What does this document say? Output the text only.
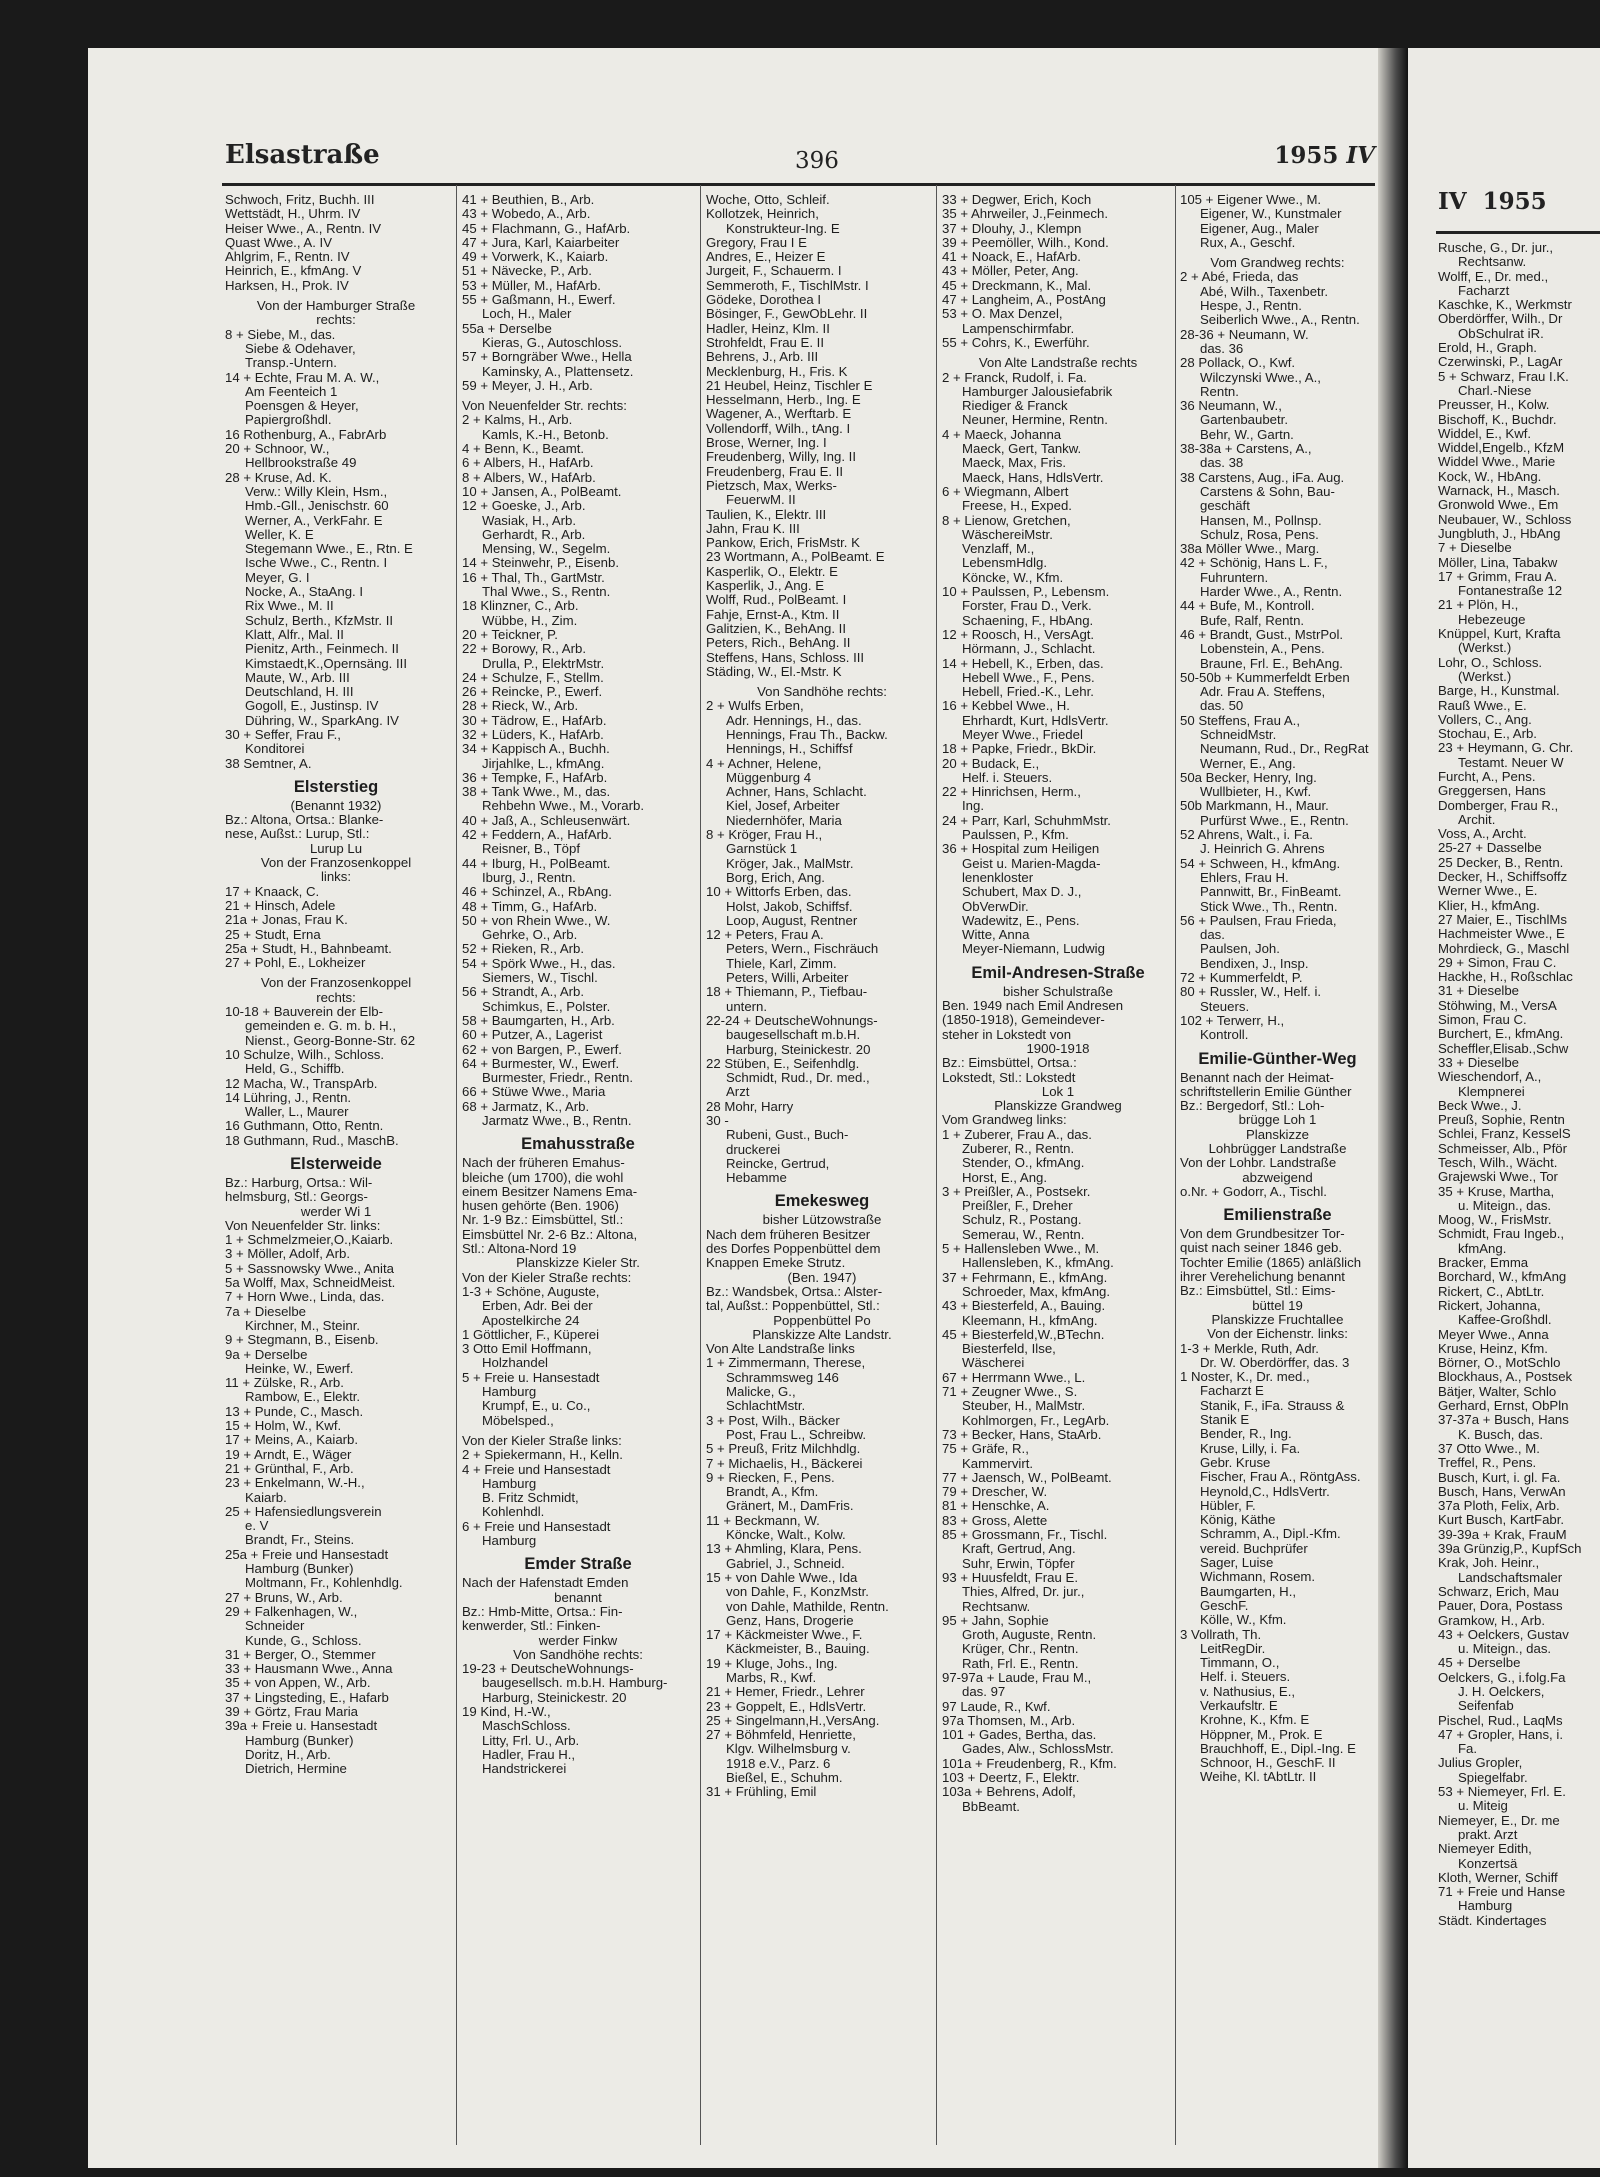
IV 1955
Rusche, G., Dr. jur.,
Rechtsanw.
Wolff, E., Dr. med.,
Facharzt
Kaschke, K., Werkmstr
Oberdörffer, Wilh., Dr
ObSchulrat iR.
Erold, H., Graph.
Czerwinski, P., LagAr
5 + Schwarz, Frau I.K.
Charl.-Niese
Preusser, H., Kolw.
Bischoff, K., Buchdr.
Widdel, E., Kwf.
Widdel,Engelb., KfzM
Widdel Wwe., Marie
Kock, W., HbAng.
Warnack, H., Masch.
Gronwold Wwe., Em
Neubauer, W., Schloss
Jungbluth, J., HbAng
7 + Dieselbe
Möller, Lina, Tabakw
17 + Grimm, Frau A.
Fontanestraße 12
21 + Plön, H.,
Hebezeuge
Knüppel, Kurt, Krafta
(Werkst.)
Lohr, O., Schloss.
(Werkst.)
Barge, H., Kunstmal.
Rauß Wwe., E.
Vollers, C., Ang.
Stochau, E., Arb.
23 + Heymann, G. Chr.
Testamt. Neuer W
Furcht, A., Pens.
Greggersen, Hans
Domberger, Frau R.,
Archit.
Voss, A., Archt.
25-27 + Dasselbe
25 Decker, B., Rentn.
Decker, H., Schiffsoffz
Werner Wwe., E.
Klier, H., kfmAng.
27 Maier, E., TischlMs
Hachmeister Wwe., E
Mohrdieck, G., Maschl
29 + Simon, Frau C.
Hackhe, H., Roßschlac
31 + Dieselbe
Stöhwing, M., VersA
Simon, Frau C.
Burchert, E., kfmAng.
Scheffler,Elisab.,Schw
33 + Dieselbe
Wieschendorf, A.,
Klempnerei
Beck Wwe., J.
Preuß, Sophie, Rentn
Schlei, Franz, KesselS
Schmeisser, Alb., Pför
Tesch, Wilh., Wächt.
Grajewski Wwe., Tor
35 + Kruse, Martha,
u. Miteign., das.
Moog, W., FrisMstr.
Schmidt, Frau Ingeb.,
kfmAng.
Bracker, Emma
Borchard, W., kfmAng
Rickert, C., AbtLtr.
Rickert, Johanna,
Kaffee-Großhdl.
Meyer Wwe., Anna
Kruse, Heinz, Kfm.
Börner, O., MotSchlo
Blockhaus, A., Postsek
Bätjer, Walter, Schlo
Gerhard, Ernst, ObPln
37-37a + Busch, Hans
K. Busch, das.
37 Otto Wwe., M.
Treffel, R., Pens.
Busch, Kurt, i. gl. Fa.
Busch, Hans, VerwAn
37a Ploth, Felix, Arb.
Kurt Busch, KartFabr.
39-39a + Krak, FrauM
39a Grünzig,P., KupfSch
Krak, Joh. Heinr.,
Landschaftsmaler
Schwarz, Erich, Mau
Pauer, Dora, Postass
Gramkow, H., Arb.
43 + Oelckers, Gustav
u. Miteign., das.
45 + Derselbe
Oelckers, G., i.folg.Fa
J. H. Oelckers,
Seifenfab
Pischel, Rud., LaqMs
47 + Gropler, Hans, i.
Fa.
Julius Gropler,
Spiegelfabr.
53 + Niemeyer, Frl. E.
u. Miteig
Niemeyer, E., Dr. me
prakt. Arzt
Niemeyer Edith,
Konzertsä
Kloth, Werner, Schiff
71 + Freie und Hanse
Hamburg
Städt. Kindertages
Elsastraße	396	1955 IV
Schwoch, Fritz, Buchh. III
Wettstädt, H., Uhrm. IV
Heiser Wwe., A., Rentn. IV
Quast Wwe., A. IV
Ahlgrim, F., Rentn. IV
Heinrich, E., kfmAng. V
Harksen, H., Prok. IV
Von der Hamburger Straße
rechts:
8 + Siebe, M., das.
Siebe & Odehaver,
Transp.-Untern.
14 + Echte, Frau M. A. W.,
Am Feenteich 1
Poensgen & Heyer,
Papiergroßhdl.
16 Rothenburg, A., FabrArb
20 + Schnoor, W.,
Hellbrookstraße 49
28 + Kruse, Ad. K.
Verw.: Willy Klein, Hsm.,
Hmb.-Gll., Jenischstr. 60
Werner, A., VerkFahr. E
Weller, K. E
Stegemann Wwe., E., Rtn. E
Ische Wwe., C., Rentn. I
Meyer, G. I
Nocke, A., StaAng. I
Rix Wwe., M. II
Schulz, Berth., KfzMstr. II
Klatt, Alfr., Mal. II
Pienitz, Arth., Feinmech. II
Kimstaedt,K.,Opernsäng. III
Maute, W., Arb. III
Deutschland, H. III
Gogoll, E., Justinsp. IV
Dühring, W., SparkAng. IV
30 + Seffer, Frau F.,
Konditorei
38 Semtner, A.
Elsterstieg
(Benannt 1932)
Bz.: Altona, Ortsa.: Blanke-
nese, Außst.: Lurup, Stl.:
Lurup Lu
Von der Franzosenkoppel
links:
17 + Knaack, C.
21 + Hinsch, Adele
21a + Jonas, Frau K.
25 + Studt, Erna
25a + Studt, H., Bahnbeamt.
27 + Pohl, E., Lokheizer
Von der Franzosenkoppel
rechts:
10-18 + Bauverein der Elb-
gemeinden e. G. m. b. H.,
Nienst., Georg-Bonne-Str. 62
10 Schulze, Wilh., Schloss.
Held, G., Schiffb.
12 Macha, W., TranspArb.
14 Lühring, J., Rentn.
Waller, L., Maurer
16 Guthmann, Otto, Rentn.
18 Guthmann, Rud., MaschB.
Elsterweide
Bz.: Harburg, Ortsa.: Wil-
helmsburg, Stl.: Georgs-
werder Wi 1
Von Neuenfelder Str. links:
1 + Schmelzmeier,O.,Kaiarb.
3 + Möller, Adolf, Arb.
5 + Sassnowsky Wwe., Anita
5a Wolff, Max, SchneidMeist.
7 + Horn Wwe., Linda, das.
7a + Dieselbe
Kirchner, M., Steinr.
9 + Stegmann, B., Eisenb.
9a + Derselbe
Heinke, W., Ewerf.
11 + Zülske, R., Arb.
Rambow, E., Elektr.
13 + Punde, C., Masch.
15 + Holm, W., Kwf.
17 + Meins, A., Kaiarb.
19 + Arndt, E., Wäger
21 + Grünthal, F., Arb.
23 + Enkelmann, W.-H.,
Kaiarb.
25 + Hafensiedlungsverein
e. V
Brandt, Fr., Steins.
25a + Freie und Hansestadt
Hamburg (Bunker)
Moltmann, Fr., Kohlenhdlg.
27 + Bruns, W., Arb.
29 + Falkenhagen, W.,
Schneider
Kunde, G., Schloss.
31 + Berger, O., Stemmer
33 + Hausmann Wwe., Anna
35 + von Appen, W., Arb.
37 + Lingsteding, E., Hafarb
39 + Görtz, Frau Maria
39a + Freie u. Hansestadt
Hamburg (Bunker)
Doritz, H., Arb.
Dietrich, Hermine
41 + Beuthien, B., Arb.
43 + Wobedo, A., Arb.
45 + Flachmann, G., HafArb.
47 + Jura, Karl, Kaiarbeiter
49 + Vorwerk, K., Kaiarb.
51 + Nävecke, P., Arb.
53 + Müller, M., HafArb.
55 + Gaßmann, H., Ewerf.
Loch, H., Maler
55a + Derselbe
Kieras, G., Autoschloss.
57 + Borngräber Wwe., Hella
Kaminsky, A., Plattensetz.
59 + Meyer, J. H., Arb.
Von Neuenfelder Str. rechts:
2 + Kalms, H., Arb.
Kamls, K.-H., Betonb.
4 + Benn, K., Beamt.
6 + Albers, H., HafArb.
8 + Albers, W., HafArb.
10 + Jansen, A., PolBeamt.
12 + Goeske, J., Arb.
Wasiak, H., Arb.
Gerhardt, R., Arb.
Mensing, W., Segelm.
14 + Steinwehr, P., Eisenb.
16 + Thal, Th., GartMstr.
Thal Wwe., S., Rentn.
18 Klinzner, C., Arb.
Wübbe, H., Zim.
20 + Teickner, P.
22 + Borowy, R., Arb.
Drulla, P., ElektrMstr.
24 + Schulze, F., Stellm.
26 + Reincke, P., Ewerf.
28 + Rieck, W., Arb.
30 + Tädrow, E., HafArb.
32 + Lüders, K., HafArb.
34 + Kappisch A., Buchh.
Jirjahlke, L., kfmAng.
36 + Tempke, F., HafArb.
38 + Tank Wwe., M., das.
Rehbehn Wwe., M., Vorarb.
40 + Jaß, A., Schleusenwärt.
42 + Feddern, A., HafArb.
Reisner, B., Töpf
44 + Iburg, H., PolBeamt.
Iburg, J., Rentn.
46 + Schinzel, A., RbAng.
48 + Timm, G., HafArb.
50 + von Rhein Wwe., W.
Gehrke, O., Arb.
52 + Rieken, R., Arb.
54 + Spörk Wwe., H., das.
Siemers, W., Tischl.
56 + Strandt, A., Arb.
Schimkus, E., Polster.
58 + Baumgarten, H., Arb.
60 + Putzer, A., Lagerist
62 + von Bargen, P., Ewerf.
64 + Burmester, W., Ewerf.
Burmester, Friedr., Rentn.
66 + Stüwe Wwe., Maria
68 + Jarmatz, K., Arb.
Jarmatz Wwe., B., Rentn.
Emahusstraße
Nach der früheren Emahus-
bleiche (um 1700), die wohl
einem Besitzer Namens Ema-
husen gehörte (Ben. 1906)
Nr. 1-9 Bz.: Eimsbüttel, Stl.:
Eimsbüttel Nr. 2-6 Bz.: Altona,
Stl.: Altona-Nord 19
Planskizze Kieler Str.
Von der Kieler Straße rechts:
1-3 + Schöne, Auguste,
Erben, Adr. Bei der
Apostelkirche 24
1 Göttlicher, F., Küperei
3 Otto Emil Hoffmann,
Holzhandel
5 + Freie u. Hansestadt
Hamburg
Krumpf, E., u. Co.,
Möbelsped.,
Von der Kieler Straße links:
2 + Spiekermann, H., Kelln.
4 + Freie und Hansestadt
Hamburg
B. Fritz Schmidt,
Kohlenhdl.
6 + Freie und Hansestadt
Hamburg
Emder Straße
Nach der Hafenstadt Emden
benannt
Bz.: Hmb-Mitte, Ortsa.: Fin-
kenwerder, Stl.: Finken-
werder Finkw
Von Sandhöhe rechts:
19-23 + DeutscheWohnungs-
baugesellsch. m.b.H. Hamburg-
Harburg, Steinickestr. 20
19 Kind, H.-W.,
MaschSchloss.
Litty, Frl. U., Arb.
Hadler, Frau H.,
Handstrickerei
Woche, Otto, Schleif.
Kollotzek, Heinrich,
Konstrukteur-Ing. E
Gregory, Frau I E
Andres, E., Heizer E
Jurgeit, F., Schauerm. I
Semmeroth, F., TischlMstr. I
Gödeke, Dorothea I
Bösinger, F., GewObLehr. II
Hadler, Heinz, Klm. II
Strohfeldt, Frau E. II
Behrens, J., Arb. III
Mecklenburg, H., Fris. K
21 Heubel, Heinz, Tischler E
Hesselmann, Herb., Ing. E
Wagener, A., Werftarb. E
Vollendorff, Wilh., tAng. I
Brose, Werner, Ing. I
Freudenberg, Willy, Ing. II
Freudenberg, Frau E. II
Pietzsch, Max, Werks-
FeuerwM. II
Taulien, K., Elektr. III
Jahn, Frau K. III
Pankow, Erich, FrisMstr. K
23 Wortmann, A., PolBeamt. E
Kasperlik, O., Elektr. E
Kasperlik, J., Ang. E
Wolff, Rud., PolBeamt. I
Fahje, Ernst-A., Ktm. II
Galitzien, K., BehAng. II
Peters, Rich., BehAng. II
Steffens, Hans, Schloss. III
Städing, W., El.-Mstr. K
Von Sandhöhe rechts:
2 + Wulfs Erben,
Adr. Hennings, H., das.
Hennings, Frau Th., Backw.
Hennings, H., Schiffsf
4 + Achner, Helene,
Müggenburg 4
Achner, Hans, Schlacht.
Kiel, Josef, Arbeiter
Niedernhöfer, Maria
8 + Kröger, Frau H.,
Garnstück 1
Kröger, Jak., MalMstr.
Borg, Erich, Ang.
10 + Wittorfs Erben, das.
Holst, Jakob, Schiffsf.
Loop, August, Rentner
12 + Peters, Frau A.
Peters, Wern., Fischräuch
Thiele, Karl, Zimm.
Peters, Willi, Arbeiter
18 + Thiemann, P., Tiefbau-
untern.
22-24 + DeutscheWohnungs-
baugesellschaft m.b.H.
Harburg, Steinickestr. 20
22 Stüben, E., Seifenhdlg.
Schmidt, Rud., Dr. med.,
Arzt
28 Mohr, Harry
30 -
Rubeni, Gust., Buch-
druckerei
Reincke, Gertrud,
Hebamme
Emekesweg
bisher Lützowstraße
Nach dem früheren Besitzer
des Dorfes Poppenbüttel dem
Knappen Emeke Strutz.
(Ben. 1947)
Bz.: Wandsbek, Ortsa.: Alster-
tal, Außst.: Poppenbüttel, Stl.:
Poppenbüttel Po
Planskizze Alte Landstr.
Von Alte Landstraße links
1 + Zimmermann, Therese,
Schrammsweg 146
Malicke, G.,
SchlachtMstr.
3 + Post, Wilh., Bäcker
Post, Frau L., Schreibw.
5 + Preuß, Fritz Milchhdlg.
7 + Michaelis, H., Bäckerei
9 + Riecken, F., Pens.
Brandt, A., Kfm.
Gränert, M., DamFris.
11 + Beckmann, W.
Köncke, Walt., Kolw.
13 + Ahmling, Klara, Pens.
Gabriel, J., Schneid.
15 + von Dahle Wwe., Ida
von Dahle, F., KonzMstr.
von Dahle, Mathilde, Rentn.
Genz, Hans, Drogerie
17 + Käckmeister Wwe., F.
Käckmeister, B., Bauing.
19 + Kluge, Johs., Ing.
Marbs, R., Kwf.
21 + Hemer, Friedr., Lehrer
23 + Goppelt, E., HdlsVertr.
25 + Singelmann,H.,VersAng.
27 + Böhmfeld, Henriette,
Klgv. Wilhelmsburg v.
1918 e.V., Parz. 6
Bießel, E., Schuhm.
31 + Frühling, Emil
33 + Degwer, Erich, Koch
35 + Ahrweiler, J.,Feinmech.
37 + Dlouhy, J., Klempn
39 + Peemöller, Wilh., Kond.
41 + Noack, E., HafArb.
43 + Möller, Peter, Ang.
45 + Dreckmann, K., Mal.
47 + Langheim, A., PostAng
53 + O. Max Denzel,
Lampenschirmfabr.
55 + Cohrs, K., Ewerführ.
Von Alte Landstraße rechts
2 + Franck, Rudolf, i. Fa.
Hamburger Jalousiefabrik
Riediger & Franck
Neuner, Hermine, Rentn.
4 + Maeck, Johanna
Maeck, Gert, Tankw.
Maeck, Max, Fris.
Maeck, Hans, HdlsVertr.
6 + Wiegmann, Albert
Freese, H., Exped.
8 + Lienow, Gretchen,
WäschereiMstr.
Venzlaff, M.,
LebensmHdlg.
Köncke, W., Kfm.
10 + Paulssen, P., Lebensm.
Forster, Frau D., Verk.
Schaening, F., HbAng.
12 + Roosch, H., VersAgt.
Hörmann, J., Schlacht.
14 + Hebell, K., Erben, das.
Hebell Wwe., F., Pens.
Hebell, Fried.-K., Lehr.
16 + Kebbel Wwe., H.
Ehrhardt, Kurt, HdlsVertr.
Meyer Wwe., Friedel
18 + Papke, Friedr., BkDir.
20 + Budack, E.,
Helf. i. Steuers.
22 + Hinrichsen, Herm.,
Ing.
24 + Parr, Karl, SchuhmMstr.
Paulssen, P., Kfm.
36 + Hospital zum Heiligen
Geist u. Marien-Magda-
lenenkloster
Schubert, Max D. J.,
ObVerwDir.
Wadewitz, E., Pens.
Witte, Anna
Meyer-Niemann, Ludwig
Emil-Andresen-Straße
bisher Schulstraße
Ben. 1949 nach Emil Andresen
(1850-1918), Gemeindever-
steher in Lokstedt von
1900-1918
Bz.: Eimsbüttel, Ortsa.:
Lokstedt, Stl.: Lokstedt
Lok 1
Planskizze Grandweg
Vom Grandweg links:
1 + Zuberer, Frau A., das.
Zuberer, R., Rentn.
Stender, O., kfmAng.
Horst, E., Ang.
3 + Preißler, A., Postsekr.
Preißler, F., Dreher
Schulz, R., Postang.
Semerau, W., Rentn.
5 + Hallensleben Wwe., M.
Hallensleben, K., kfmAng.
37 + Fehrmann, E., kfmAng.
Schroeder, Max, kfmAng.
43 + Biesterfeld, A., Bauing.
Kleemann, H., kfmAng.
45 + Biesterfeld,W.,BTechn.
Biesterfeld, Ilse,
Wäscherei
67 + Herrmann Wwe., L.
71 + Zeugner Wwe., S.
Steuber, H., MalMstr.
Kohlmorgen, Fr., LegArb.
73 + Becker, Hans, StaArb.
75 + Gräfe, R.,
Kammervirt.
77 + Jaensch, W., PolBeamt.
79 + Drescher, W.
81 + Henschke, A.
83 + Gross, Alette
85 + Grossmann, Fr., Tischl.
Kraft, Gertrud, Ang.
Suhr, Erwin, Töpfer
93 + Huusfeldt, Frau E.
Thies, Alfred, Dr. jur.,
Rechtsanw.
95 + Jahn, Sophie
Groth, Auguste, Rentn.
Krüger, Chr., Rentn.
Rath, Frl. E., Rentn.
97-97a + Laude, Frau M.,
das. 97
97 Laude, R., Kwf.
97a Thomsen, M., Arb.
101 + Gades, Bertha, das.
Gades, Alw., SchlossMstr.
101a + Freudenberg, R., Kfm.
103 + Deertz, F., Elektr.
103a + Behrens, Adolf,
BbBeamt.
105 + Eigener Wwe., M.
Eigener, W., Kunstmaler
Eigener, Aug., Maler
Rux, A., Geschf.
Vom Grandweg rechts:
2 + Abé, Frieda, das
Abé, Wilh., Taxenbetr.
Hespe, J., Rentn.
Seiberlich Wwe., A., Rentn.
28-36 + Neumann, W.
das. 36
28 Pollack, O., Kwf.
Wilczynski Wwe., A.,
Rentn.
36 Neumann, W.,
Gartenbaubetr.
Behr, W., Gartn.
38-38a + Carstens, A.,
das. 38
38 Carstens, Aug., iFa. Aug.
Carstens & Sohn, Bau-
geschäft
Hansen, M., Pollnsp.
Schulz, Rosa, Pens.
38a Möller Wwe., Marg.
42 + Schönig, Hans L. F.,
Fuhruntern.
Harder Wwe., A., Rentn.
44 + Bufe, M., Kontroll.
Bufe, Ralf, Rentn.
46 + Brandt, Gust., MstrPol.
Lobenstein, A., Pens.
Braune, Frl. E., BehAng.
50-50b + Kummerfeldt Erben
Adr. Frau A. Steffens,
das. 50
50 Steffens, Frau A.,
SchneidMstr.
Neumann, Rud., Dr., RegRat
Werner, E., Ang.
50a Becker, Henry, Ing.
Wullbieter, H., Kwf.
50b Markmann, H., Maur.
Purfürst Wwe., E., Rentn.
52 Ahrens, Walt., i. Fa.
J. Heinrich G. Ahrens
54 + Schween, H., kfmAng.
Ehlers, Frau H.
Pannwitt, Br., FinBeamt.
Stick Wwe., Th., Rentn.
56 + Paulsen, Frau Frieda,
das.
Paulsen, Joh.
Bendixen, J., Insp.
72 + Kummerfeldt, P.
80 + Russler, W., Helf. i.
Steuers.
102 + Terwerr, H.,
Kontroll.
Emilie-Günther-Weg
Benannt nach der Heimat-
schriftstellerin Emilie Günther
Bz.: Bergedorf, Stl.: Loh-
brügge Loh 1
Planskizze
Lohbrügger Landstraße
Von der Lohbr. Landstraße
abzweigend
o.Nr. + Godorr, A., Tischl.
Emilienstraße
Von dem Grundbesitzer Tor-
quist nach seiner 1846 geb.
Tochter Emilie (1865) anläßlich
ihrer Verehelichung benannt
Bz.: Eimsbüttel, Stl.: Eims-
büttel 19
Planskizze Fruchtallee
Von der Eichenstr. links:
1-3 + Merkle, Ruth, Adr.
Dr. W. Oberdörffer, das. 3
1 Noster, K., Dr. med.,
Facharzt E
Stanik, F., iFa. Strauss &
Stanik E
Bender, R., Ing.
Kruse, Lilly, i. Fa.
Gebr. Kruse
Fischer, Frau A., RöntgAss.
Heynold,C., HdlsVertr.
Hübler, F.
König, Käthe
Schramm, A., Dipl.-Kfm.
vereid. Buchprüfer
Sager, Luise
Wichmann, Rosem.
Baumgarten, H.,
GeschF.
Kölle, W., Kfm.
3 Vollrath, Th.
LeitRegDir.
Timmann, O.,
Helf. i. Steuers.
v. Nathusius, E.,
Verkaufsltr. E
Krohne, K., Kfm. E
Höppner, M., Prok. E
Brauchhoff, E., Dipl.-Ing. E
Schnoor, H., GeschF. II
Weihe, Kl. tAbtLtr. II
